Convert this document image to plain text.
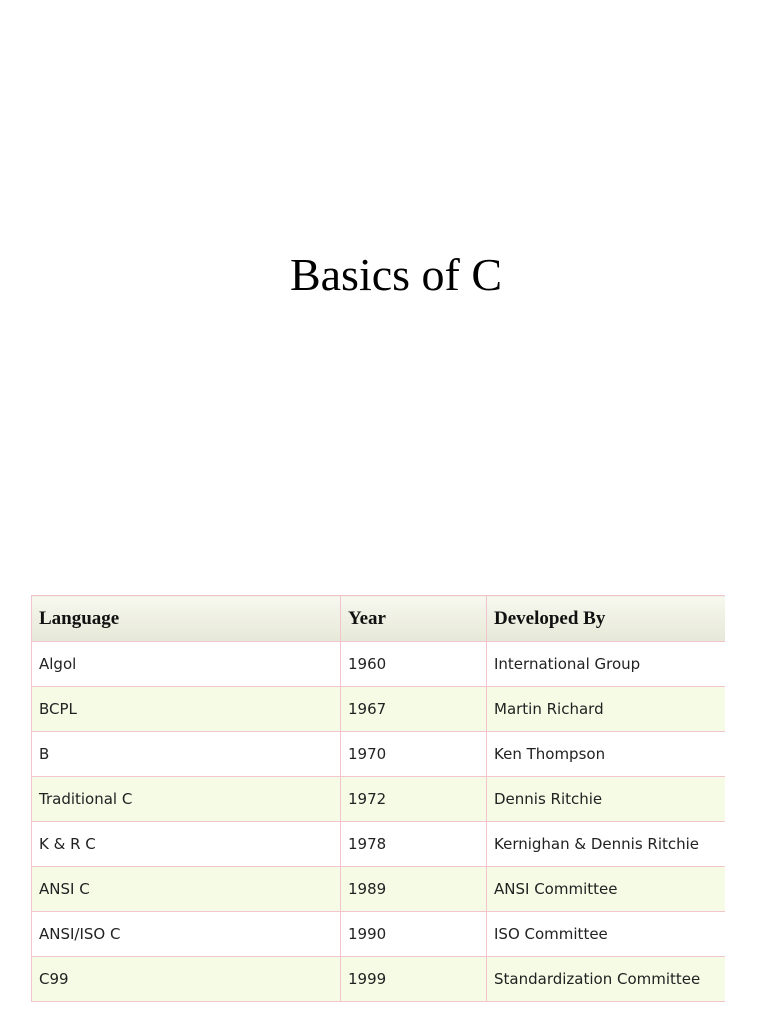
Basics of C
Language	Year	Developed By
Algol	1960	International Group
BCPL	1967	Martin Richard
B	1970	Ken Thompson
Traditional C	1972	Dennis Ritchie
K & R C	1978	Kernighan & Dennis Ritchie
ANSI C	1989	ANSI Committee
ANSI/ISO C	1990	ISO Committee
C99	1999	Standardization Committee
